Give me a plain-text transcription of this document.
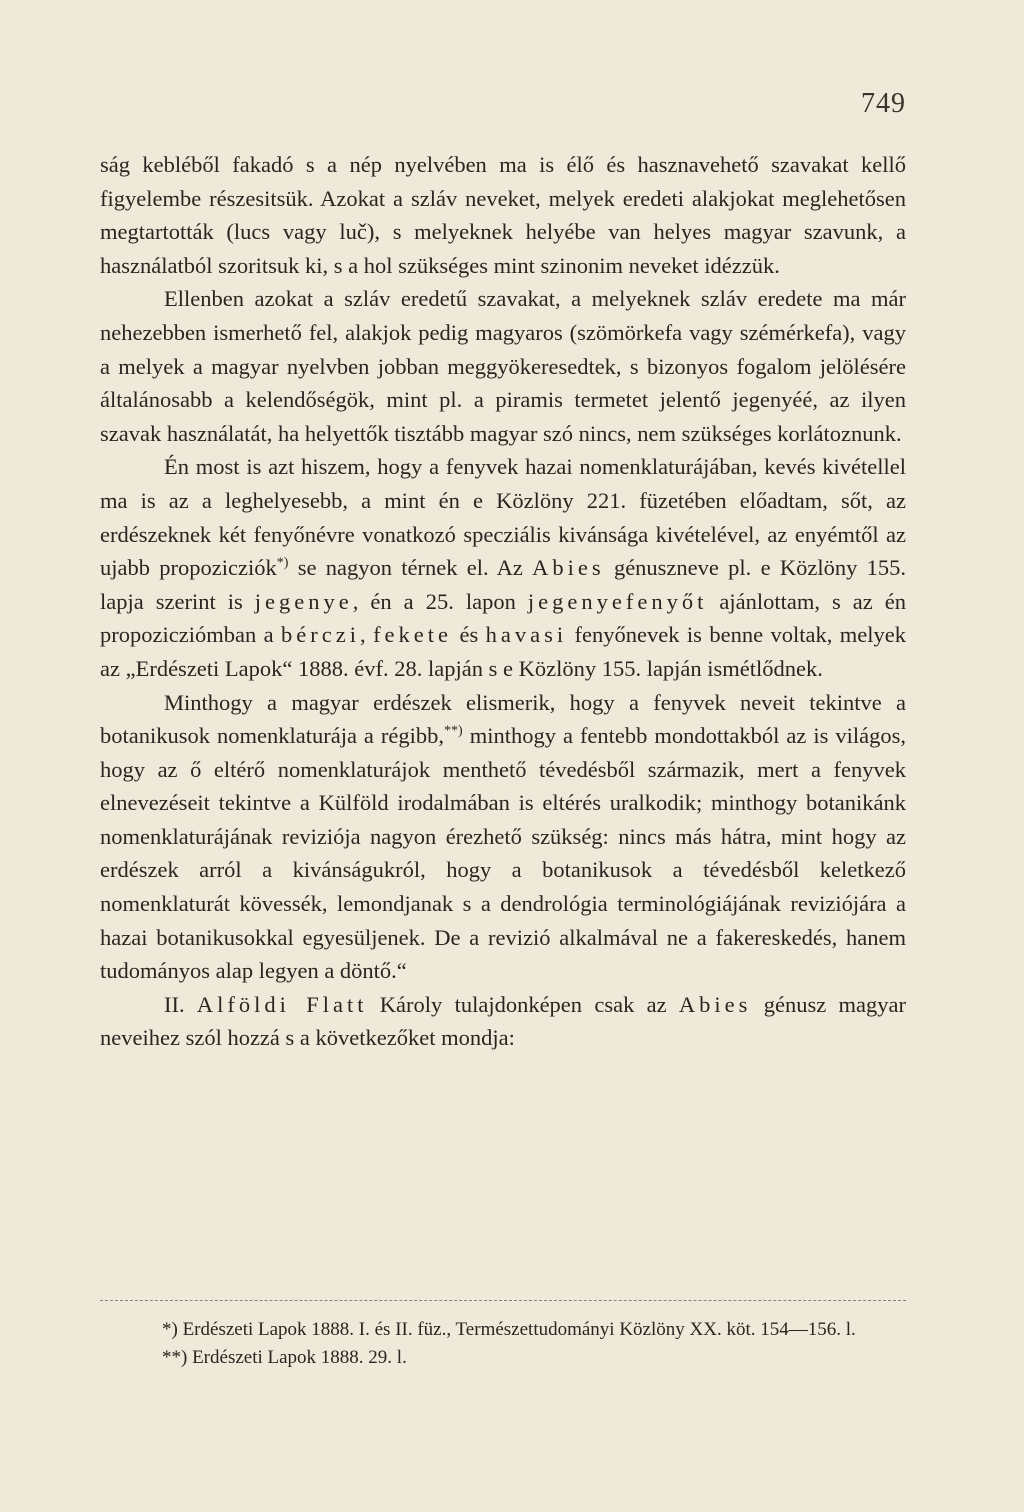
749

ság kebléből fakadó s a nép nyelvében ma is élő és hasznavehető szavakat kellő figyelembe részesitsük. Azokat a szláv neveket, melyek eredeti alakjokat meglehetősen megtartották (lucs vagy luč), s melyeknek helyébe van helyes magyar szavunk, a használatból szoritsuk ki, s a hol szükséges mint szinonim neveket idézzük.

Ellenben azokat a szláv eredetű szavakat, a melyeknek szláv eredete ma már nehezebben ismerhető fel, alakjok pedig magyaros (szömörkefa vagy szémérkefa), vagy a melyek a magyar nyelvben jobban meggyökeresedtek, s bizonyos fogalom jelölésére általánosabb a kelendőségök, mint pl. a piramis termetet jelentő jegenyéé, az ilyen szavak használatát, ha helyettők tisztább magyar szó nincs, nem szükséges korlátoznunk.

Én most is azt hiszem, hogy a fenyvek hazai nomenklaturájában, kevés kivétellel ma is az a leghelyesebb, a mint én e Közlöny 221. füzetében előadtam, sőt, az erdészeknek két fenyőnévre vonatkozó specziális kivánsága kivételével, az enyémtől az ujabb propozicziók*) se nagyon térnek el. Az Abies génuszneve pl. e Közlöny 155. lapja szerint is jegenye, én a 25. lapon jegenyefenyőt ajánlottam, s az én propozicziómban a bérczi, fekete és havasi fenyőnevek is benne voltak, melyek az „Erdészeti Lapok“ 1888. évf. 28. lapján s e Közlöny 155. lapján ismétlődnek.

Minthogy a magyar erdészek elismerik, hogy a fenyvek neveit tekintve a botanikusok nomenklaturája a régibb,**) minthogy a fentebb mondottakból az is világos, hogy az ő eltérő nomenklaturájok menthető tévedésből származik, mert a fenyvek elnevezéseit tekintve a Külföld irodalmában is eltérés uralkodik; minthogy botanikánk nomenklaturájának reviziója nagyon érezhető szükség: nincs más hátra, mint hogy az erdészek arról a kivánságukról, hogy a botanikusok a tévedésből keletkező nomenklaturát kövessék, lemondjanak s a dendrológia terminológiájának reviziójára a hazai botanikusokkal egyesüljenek. De a revizió alkalmával ne a fakereskedés, hanem tudományos alap legyen a döntő.“

II. Alföldi Flatt Károly tulajdonképen csak az Abies génusz magyar neveihez szól hozzá s a következőket mondja:

*) Erdészeti Lapok 1888. I. és II. füz., Természettudományi Közlöny XX. köt. 154—156. l.

**) Erdészeti Lapok 1888. 29. l.
